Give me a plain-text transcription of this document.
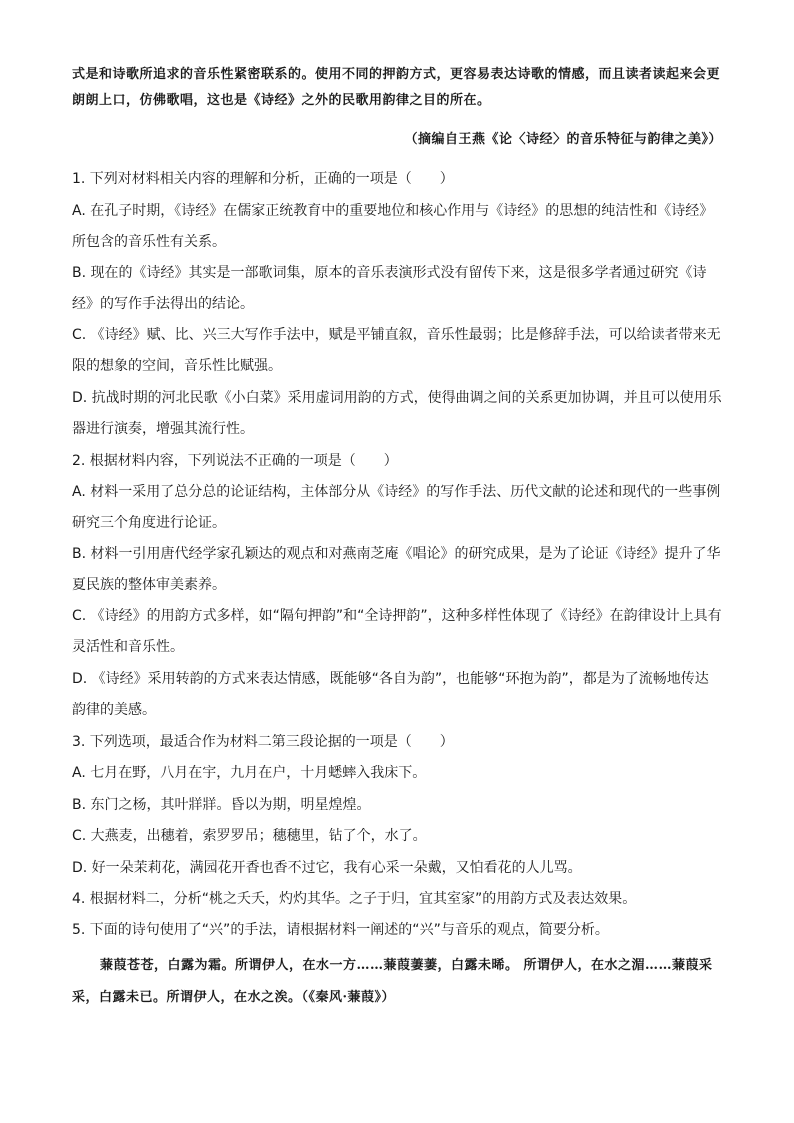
式是和诗歌所追求的音乐性紧密联系的。使用不同的押韵方式，更容易表达诗歌的情感，而且读者读起来会更朗朗上口，仿佛歌唱，这也是《诗经》之外的民歌用韵律之目的所在。

（摘编自王燕《论〈诗经〉的音乐特征与韵律之美》）

1. 下列对材料相关内容的理解和分析，正确的一项是（　　）

A. 在孔子时期，《诗经》在儒家正统教育中的重要地位和核心作用与《诗经》的思想的纯洁性和《诗经》所包含的音乐性有关系。

B. 现在的《诗经》其实是一部歌词集，原本的音乐表演形式没有留传下来，这是很多学者通过研究《诗经》的写作手法得出的结论。

C. 《诗经》赋、比、兴三大写作手法中，赋是平铺直叙，音乐性最弱；比是修辞手法，可以给读者带来无限的想象的空间，音乐性比赋强。

D. 抗战时期的河北民歌《小白菜》采用虚词用韵的方式，使得曲调之间的关系更加协调，并且可以使用乐器进行演奏，增强其流行性。

2. 根据材料内容，下列说法不正确的一项是（　　）

A. 材料一采用了总分总的论证结构，主体部分从《诗经》的写作手法、历代文献的论述和现代的一些事例研究三个角度进行论证。

B. 材料一引用唐代经学家孔颖达的观点和对燕南芝庵《唱论》的研究成果，是为了论证《诗经》提升了华夏民族的整体审美素养。

C. 《诗经》的用韵方式多样，如“隔句押韵”和“全诗押韵”，这种多样性体现了《诗经》在韵律设计上具有灵活性和音乐性。

D. 《诗经》采用转韵的方式来表达情感，既能够“各自为韵”，也能够“环抱为韵”，都是为了流畅地传达韵律的美感。

3. 下列选项，最适合作为材料二第三段论据的一项是（　　）

A. 七月在野，八月在宇，九月在户，十月蟋蟀入我床下。

B. 东门之杨，其叶牂牂。昏以为期，明星煌煌。

C. 大燕麦，出穗着，索罗罗吊；穗穗里，钻了个，水了。

D. 好一朵茉莉花，满园花开香也香不过它，我有心采一朵戴，又怕看花的人儿骂。

4. 根据材料二，分析“桃之夭夭，灼灼其华。之子于归，宜其室家”的用韵方式及表达效果。

5. 下面的诗句使用了“兴”的手法，请根据材料一阐述的“兴”与音乐的观点，简要分析。

蒹葭苍苍，白露为霜。所谓伊人，在水一方……蒹葭萋萋，白露未晞。 所谓伊人，在水之湄……蒹葭采采，白露未已。所谓伊人，在水之涘。（《秦风·蒹葭》）
